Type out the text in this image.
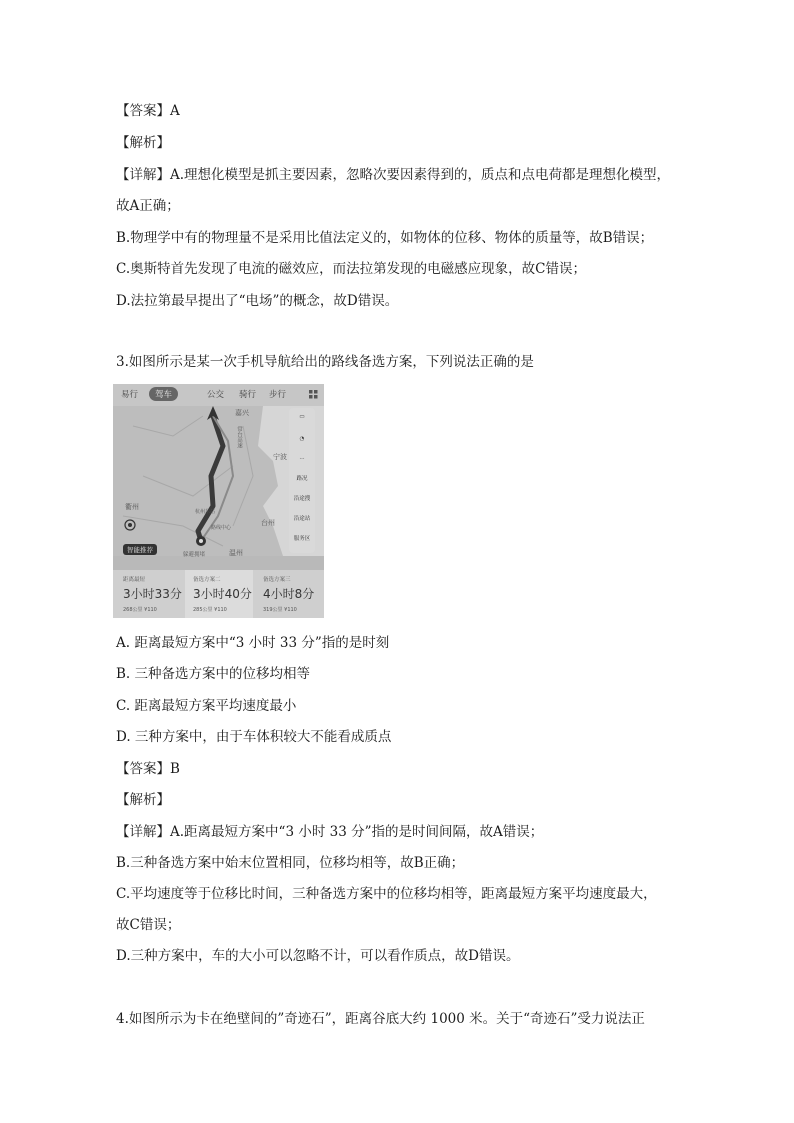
【答案】A
【解析】
【详解】A.理想化模型是抓主要因素，忽略次要因素得到的，质点和点电荷都是理想化模型，
故A正确；
B.物理学中有的物理量不是采用比值法定义的，如物体的位移、物体的质量等，故B错误；
C.奥斯特首先发现了电流的磁效应，而法拉第发现的电磁感应现象，故C错误；
D.法拉第最早提出了“电场”的概念，故D错误。
3.如图所示是某一次手机导航给出的路线备选方案，下列说法正确的是
易行	驾车	公交 骑行 步行
嘉兴
宁波
衢州
台州
温州
常台高速
杭州东站
路线中心
▭
◔
···
路况
沿途搜
沿途站
服务区
智能推荐
躲避拥堵
距离最短
3小时33分
268公里 ¥110
备选方案二
3小时40分
285公里 ¥110
备选方案三
4小时8分
319公里 ¥110
A. 距离最短方案中“3 小时 33 分”指的是时刻
B. 三种备选方案中的位移均相等
C. 距离最短方案平均速度最小
D. 三种方案中，由于车体积较大不能看成质点
【答案】B
【解析】
【详解】A.距离最短方案中“3 小时 33 分”指的是时间间隔，故A错误；
B.三种备选方案中始末位置相同，位移均相等，故B正确；
C.平均速度等于位移比时间，三种备选方案中的位移均相等，距离最短方案平均速度最大，
故C错误；
D.三种方案中，车的大小可以忽略不计，可以看作质点，故D错误。
4.如图所示为卡在绝壁间的”奇迹石”，距离谷底大约 1000 米。关于“奇迹石”受力说法正
